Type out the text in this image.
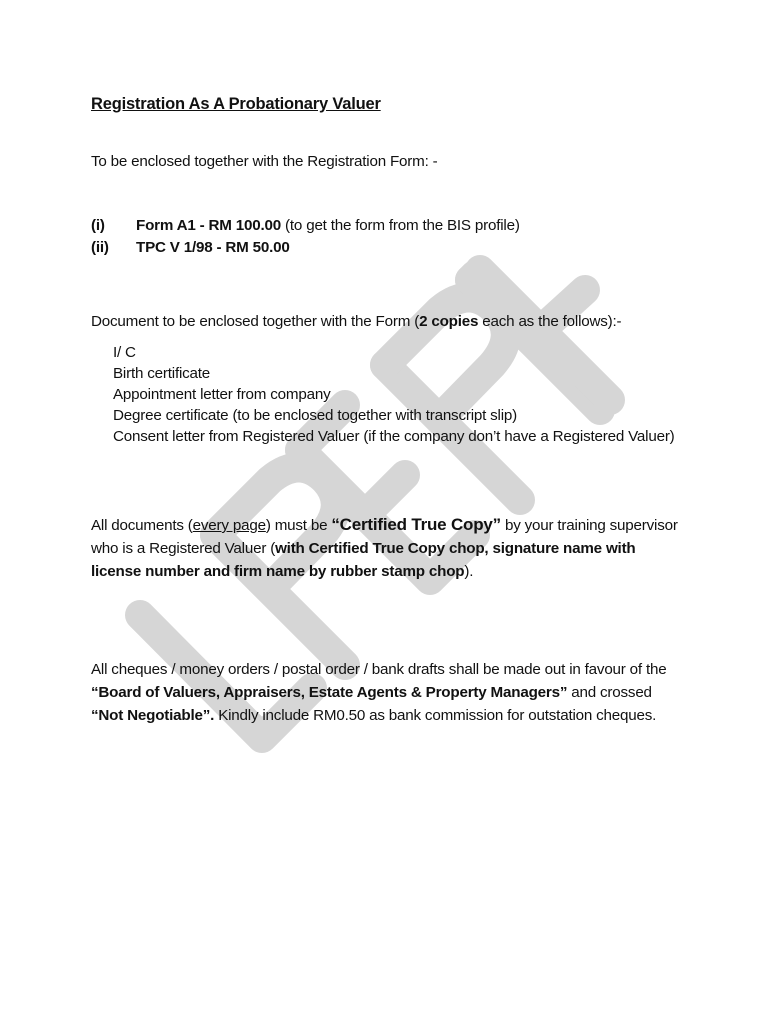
Registration As A Probationary Valuer
To be enclosed together with the Registration Form: -
(i) Form A1 - RM 100.00 (to get the form from the BIS profile)
(ii) TPC V 1/98 - RM 50.00
Document to be enclosed together with the Form (2 copies each as the follows):-
I/ C
Birth certificate
Appointment letter from company
Degree certificate (to be enclosed together with transcript slip)
Consent letter from Registered Valuer (if the company don’t have a Registered Valuer)
All documents (every page) must be “Certified True Copy” by your training supervisor who is a Registered Valuer (with Certified True Copy chop, signature name with license number and firm name by rubber stamp chop).
All cheques / money orders / postal order / bank drafts shall be made out in favour of the “Board of Valuers, Appraisers, Estate Agents & Property Managers” and crossed “Not Negotiable”. Kindly include RM0.50 as bank commission for outstation cheques.
